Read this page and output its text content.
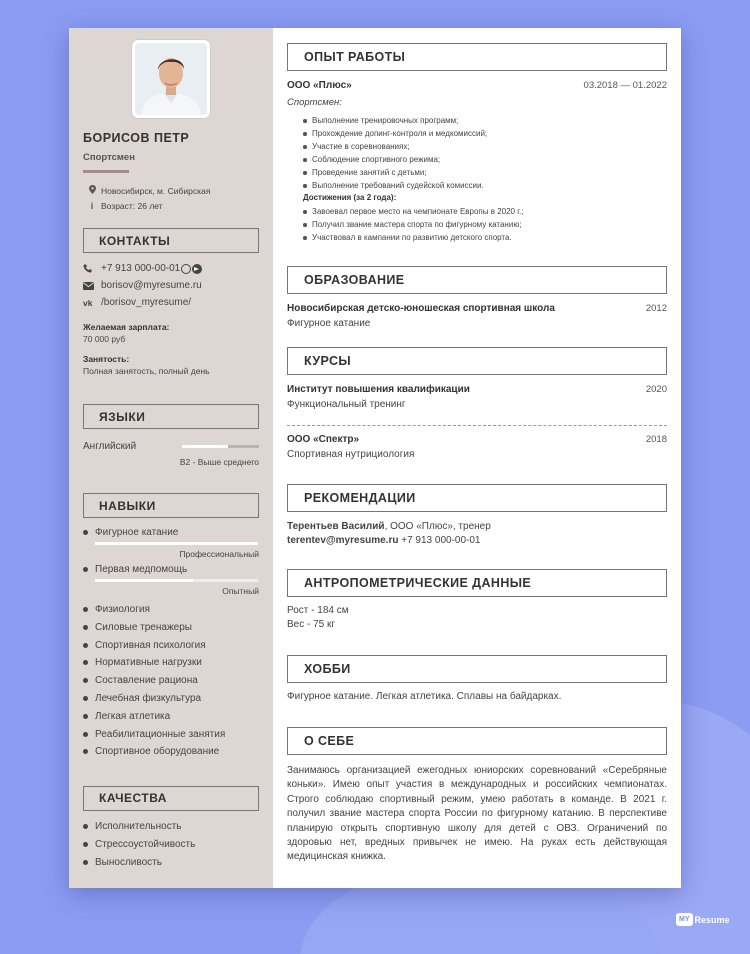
БОРИСОВ ПЕТР
Спортсмен
Новосибирск, м. Сибирская
i Возраст: 26 лет
КОНТАКТЫ
+7 913 000-00-01
borisov@myresume.ru
vk /borisov_myresume/
Желаемая зарплата:
70 000 руб
Занятость:
Полная занятость, полный день
ЯЗЫКИ
Английский
B2 - Выше среднего
НАВЫКИ
Фигурное катание
Профессиональный
Первая медпомощь
Опытный
Физиология
Силовые тренажеры
Спортивная психология
Нормативные нагрузки
Составление рациона
Лечебная физкультура
Легкая атлетика
Реабилитационные занятия
Спортивное оборудование
КАЧЕСТВА
Исполнительность
Стрессоустойчивость
Выносливость
ОПЫТ РАБОТЫ
ООО «Плюс»	03.2018 — 01.2022
Спортсмен:
Выполнение тренировочных программ;
Прохождение допинг-контроля и медкомиссий;
Участие в соревнованиях;
Соблюдение спортивного режима;
Проведение занятий с детьми;
Выполнение требований судейской комиссии.
Достижения (за 2 года):
Завоевал первое место на чемпионате Европы в 2020 г.;
Получил звание мастера спорта по фигурному катанию;
Участвовал в кампании по развитию детского спорта.
ОБРАЗОВАНИЕ
Новосибирская детско-юношеская спортивная школа	2012
Фигурное катание
КУРСЫ
Институт повышения квалификации	2020
Функциональный тренинг
ООО «Спектр»	2018
Спортивная нутрициология
РЕКОМЕНДАЦИИ
Терентьев Василий, ООО «Плюс», тренер
terentev@myresume.ru +7 913 000-00-01
АНТРОПОМЕТРИЧЕСКИЕ ДАННЫЕ
Рост - 184 см
Вес - 75 кг
ХОББИ
Фигурное катание. Легкая атлетика. Сплавы на байдарках.
О СЕБЕ
Занимаюсь организацией ежегодных юниорских соревнований «Серебряные коньки». Имею опыт участия в международных и российских чемпионатах. Строго соблюдаю спортивный режим, умею работать в команде. В 2021 г. получил звание мастера спорта России по фигурному катанию. В перспективе планирую открыть спортивную школу для детей с ОВЗ. Ограничений по здоровью нет, вредных привычек не имею. На руках есть действующая медицинская книжка.
MY Resume
